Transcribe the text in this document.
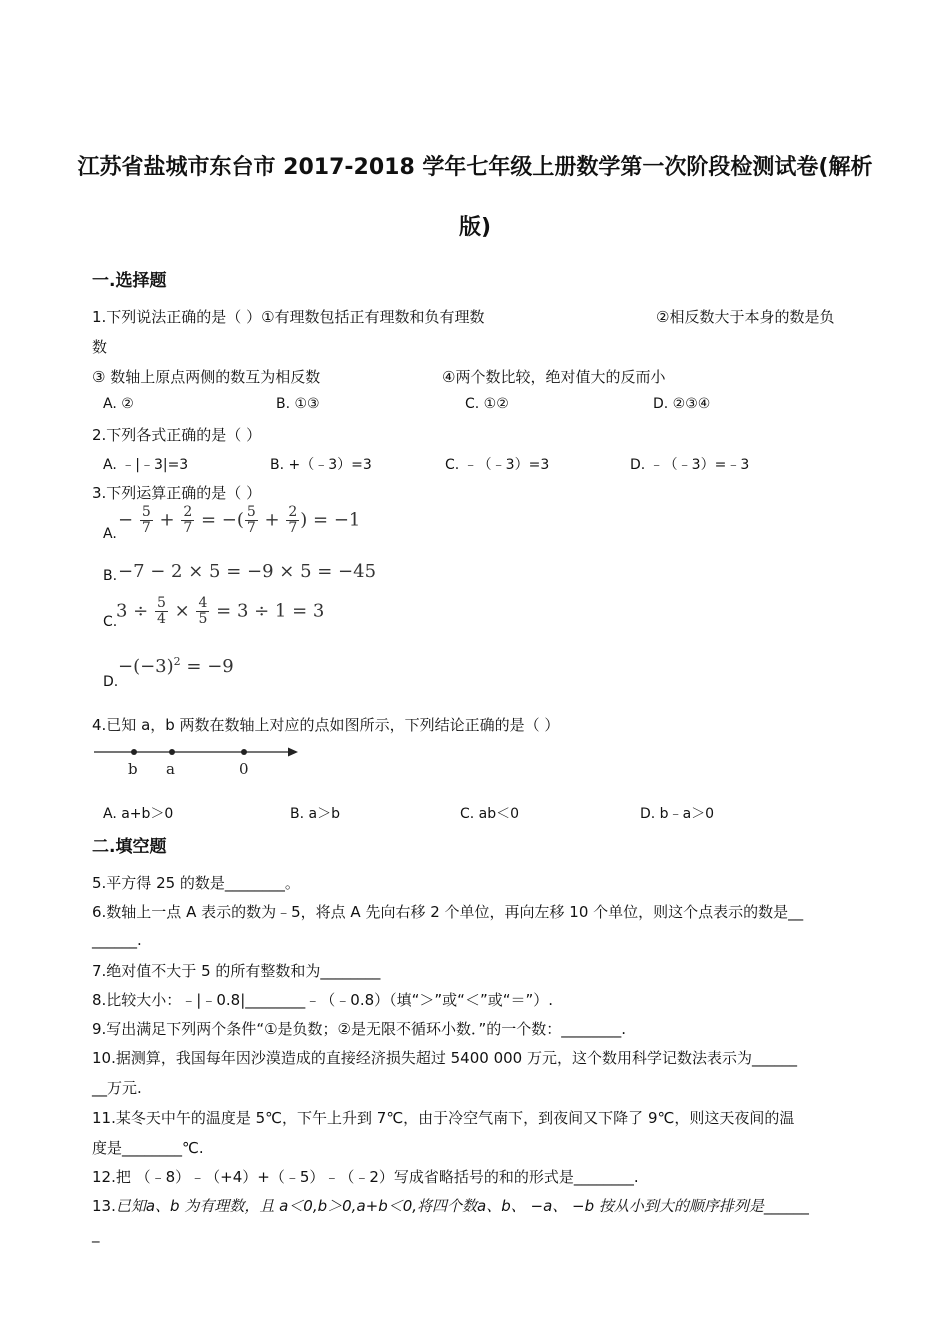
江苏省盐城市东台市 2017-2018 学年七年级上册数学第一次阶段检测试卷(解析
版)
一.选择题
1.下列说法正确的是（ ）①有理数包括正有理数和负有理数	②相反数大于本身的数是负
数
③ 数轴上原点两侧的数互为相反数	④两个数比较，绝对值大的反而小
A. ②	B. ①③	C. ①②	D. ②③④
2.下列各式正确的是（ ）
A. ﹣|﹣3|=3	B. +（﹣3）=3	C. ﹣（﹣3）=3	D. ﹣（﹣3）=﹣3
3.下列运算正确的是（ ）
A.
− $\frac{5}{7} + \frac{2}{7}$ = −( $\frac{5}{7} + \frac{2}{7}$ ) = −1
B. −7 − 2 × 5 = −9 × 5 = −45
C.
$3 \div \frac{5}{4} \times \frac{4}{5} = 3 \div 1 = 3$
D.
$-(-3)^2 = -9$
4.已知 a，b 两数在数轴上对应的点如图所示，下列结论正确的是（ ）
b a	0
A. a+b＞0	B. a＞b	C. ab＜0	D. b﹣a＞0
二.填空题
5.平方得 25 的数是________。
6.数轴上一点 A 表示的数为﹣5，将点 A 先向右移 2 个单位，再向左移 10 个单位，则这个点表示的数是__
______.
7.绝对值不大于 5 的所有整数和为________
8.比较大小：﹣|﹣0.8|________﹣（﹣0.8）（填“＞”或“＜”或“＝”）.
9.写出满足下列两个条件“①是负数；②是无限不循环小数．”的一个数：________.
10.据测算，我国每年因沙漠造成的直接经济损失超过 5400 000 万元，这个数用科学记数法表示为______
__万元.
11.某冬天中午的温度是 5℃，下午上升到 7℃，由于冷空气南下，到夜间又下降了 9℃，则这天夜间的温
度是________℃.
12.把 （﹣8）﹣（+4）+（﹣5）﹣（﹣2）写成省略括号的和的形式是________.
13.已知a、b 为有理数，且 a＜0,b＞0,a+b＜0,将四个数a、b、 −a、 −b 按从小到大的顺序排列是______
_
